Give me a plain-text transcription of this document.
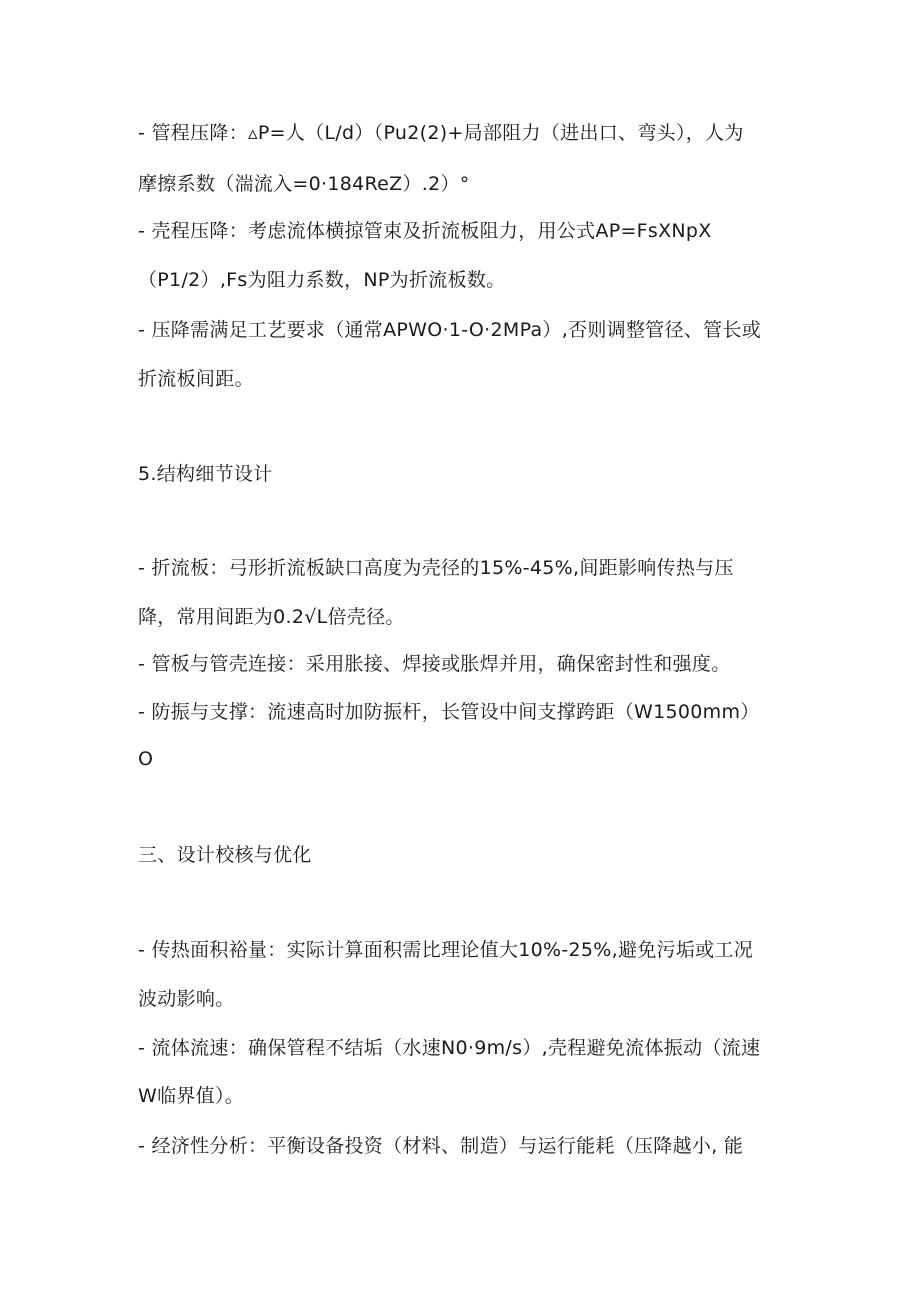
- 管程压降：▵P=人（L/d）（Pu2(2)+局部阻力（进出口、弯头），人为
摩擦系数（湍流入=0·184ReZ）.2）°
- 壳程压降：考虑流体横掠管束及折流板阻力，用公式AP=FsXNpX
（P1/2）,Fs为阻力系数，NP为折流板数。
- 压降需满足工艺要求（通常APWO·1-O·2MPa）,否则调整管径、管长或
折流板间距。
5.结构细节设计
- 折流板：弓形折流板缺口高度为壳径的15%-45%,间距影响传热与压
降，常用间距为0.2√L倍壳径。
- 管板与管壳连接：采用胀接、焊接或胀焊并用，确保密封性和强度。
- 防振与支撑：流速高时加防振杆，长管设中间支撑跨距（W1500mm）
O
三、设计校核与优化
- 传热面积裕量：实际计算面积需比理论值大10%-25%,避免污垢或工况
波动影响。
- 流体流速：确保管程不结垢（水速N0·9m∕s）,壳程避免流体振动（流速
W临界值）。
- 经济性分析：平衡设备投资（材料、制造）与运行能耗（压降越小, 能
